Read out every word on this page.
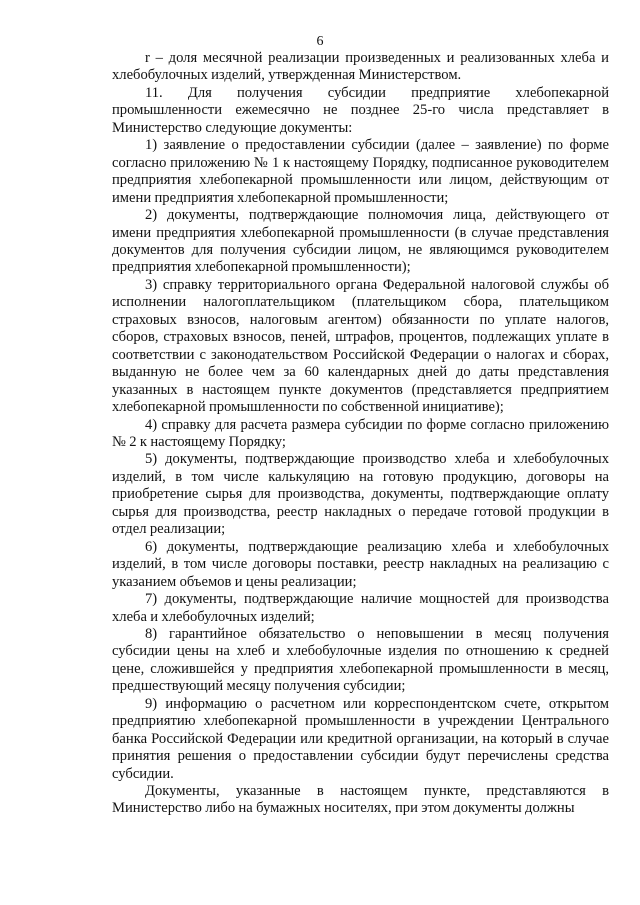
6

r – доля месячной реализации произведенных и реализованных хлеба и хлебобулочных изделий, утвержденная Министерством.

11. Для получения субсидии предприятие хлебопекарной промышленности ежемесячно не позднее 25-го числа представляет в Министерство следующие документы:

1) заявление о предоставлении субсидии (далее – заявление) по форме согласно приложению № 1 к настоящему Порядку, подписанное руководителем предприятия хлебопекарной промышленности или лицом, действующим от имени предприятия хлебопекарной промышленности;

2) документы, подтверждающие полномочия лица, действующего от имени предприятия хлебопекарной промышленности (в случае представления документов для получения субсидии лицом, не являющимся руководителем предприятия хлебопекарной промышленности);

3) справку территориального органа Федеральной налоговой службы об исполнении налогоплательщиком (плательщиком сбора, плательщиком страховых взносов, налоговым агентом) обязанности по уплате налогов, сборов, страховых взносов, пеней, штрафов, процентов, подлежащих уплате в соответствии с законодательством Российской Федерации о налогах и сборах, выданную не более чем за 60 календарных дней до даты представления указанных в настоящем пункте документов (представляется предприятием хлебопекарной промышленности по собственной инициативе);

4) справку для расчета размера субсидии по форме согласно приложению № 2 к настоящему Порядку;

5) документы, подтверждающие производство хлеба и хлебобулочных изделий, в том числе калькуляцию на готовую продукцию, договоры на приобретение сырья для производства, документы, подтверждающие оплату сырья для производства, реестр накладных о передаче готовой продукции в отдел реализации;

6) документы, подтверждающие реализацию хлеба и хлебобулочных изделий, в том числе договоры поставки, реестр накладных на реализацию с указанием объемов и цены реализации;

7) документы, подтверждающие наличие мощностей для производства хлеба и хлебобулочных изделий;

8) гарантийное обязательство о неповышении в месяц получения субсидии цены на хлеб и хлебобулочные изделия по отношению к средней цене, сложившейся у предприятия хлебопекарной промышленности в месяц, предшествующий месяцу получения субсидии;

9) информацию о расчетном или корреспондентском счете, открытом предприятию хлебопекарной промышленности в учреждении Центрального банка Российской Федерации или кредитной организации, на который в случае принятия решения о предоставлении субсидии будут перечислены средства субсидии.

Документы, указанные в настоящем пункте, представляются в Министерство либо на бумажных носителях, при этом документы должны
